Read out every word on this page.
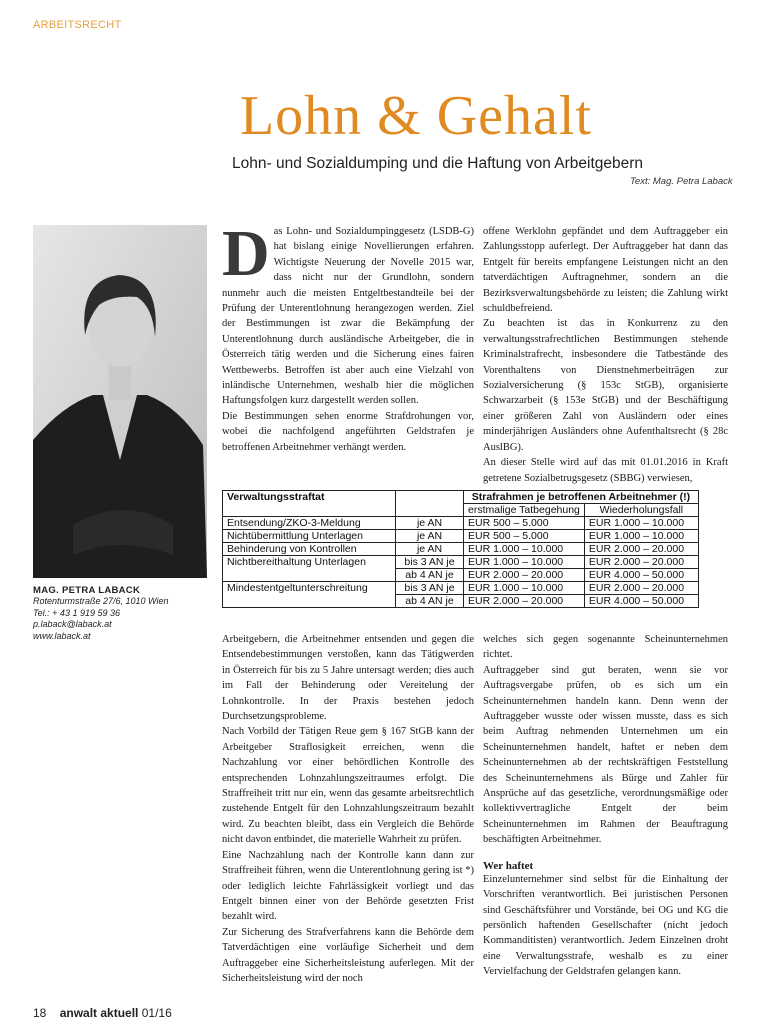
ARBEITSRECHT
Lohn & Gehalt
Lohn- und Sozialdumping und die Haftung von Arbeitgebern
Text: Mag. Petra Laback
MAG. PETRA LABACK
Rotenturmstraße 27/6, 1010 Wien
Tel.: + 43 1 919 59 36
p.laback@laback.at
www.laback.at

Das Lohn- und Sozialdumpinggesetz (LSDB-G) hat bislang einige Novellierungen erfahren. Wichtigste Neuerung der Novelle 2015 war, dass nicht nur der Grundlohn, sondern nunmehr auch die meisten Entgeltbestandteile bei der Prüfung der Unterentlohnung herangezogen werden. Ziel der Bestimmungen ist zwar die Bekämpfung der Unterentlohnung durch ausländische Arbeitgeber, die in Österreich tätig werden und die Sicherung eines fairen Wettbewerbs. Betroffen ist aber auch eine Vielzahl von inländische Unternehmen, weshalb hier die möglichen Haftungsfolgen kurz dargestellt werden sollen.

Die Bestimmungen sehen enorme Strafdrohungen vor, wobei die nachfolgend angeführten Geldstrafen je betroffenen Arbeitnehmer verhängt werden.

offene Werklohn gepfändet und dem Auftraggeber ein Zahlungsstopp auferlegt. Der Auftraggeber hat dann das Entgelt für bereits empfangene Leistungen nicht an den tatverdächtigen Auftragnehmer, sondern an die Bezirksverwaltungsbehörde zu leisten; die Zahlung wirkt schuldbefreiend.

Zu beachten ist das in Konkurrenz zu den verwaltungsstrafrechtlichen Bestimmungen stehende Kriminalstrafrecht, insbesondere die Tatbestände des Vorenthaltens von Dienstnehmerbeiträgen zur Sozialversicherung (§ 153c StGB), organisierte Schwarzarbeit (§ 153e StGB) und der Beschäftigung einer größeren Zahl von Ausländern oder eines minderjährigen Ausländers ohne Aufenthaltsrecht (§ 28c AuslBG).

An dieser Stelle wird auf das mit 01.01.2016 in Kraft getretene Sozialbetrugsgesetz (SBBG) verwiesen,

Verwaltungsstraftat		Strafrahmen je betroffenen Arbeitnehmer (!)	
		erstmalige Tatbegehung	Wiederholungsfall
Entsendung/ZKO-3-Meldung	je AN	EUR 500 – 5.000	EUR 1.000 – 10.000
Nichtübermittlung Unterlagen	je AN	EUR 500 – 5.000	EUR 1.000 – 10.000
Behinderung von Kontrollen	je AN	EUR 1.000 – 10.000	EUR 2.000 – 20.000
Nichtbereithaltung Unterlagen	bis 3 AN je	EUR 1.000 – 10.000	EUR 2.000 – 20.000
	ab 4 AN je	EUR 2.000 – 20.000	EUR 4.000 – 50.000
Mindestentgeltunterschreitung	bis 3 AN je	EUR 1.000 – 10.000	EUR 2.000 – 20.000
	ab 4 AN je	EUR 2.000 – 20.000	EUR 4.000 – 50.000

Arbeitgebern, die Arbeitnehmer entsenden und gegen die Entsendebestimmungen verstoßen, kann das Tätigwerden in Österreich für bis zu 5 Jahre untersagt werden; dies auch im Fall der Behinderung oder Vereitelung der Lohnkontrolle. In der Praxis bestehen jedoch Durchsetzungsprobleme.

Nach Vorbild der Tätigen Reue gem § 167 StGB kann der Arbeitgeber Straflosigkeit erreichen, wenn die Nachzahlung vor einer behördlichen Kontrolle des entsprechenden Lohnzahlungszeitraumes erfolgt. Die Straffreiheit tritt nur ein, wenn das gesamte arbeitsrechtlich zustehende Entgelt für den Lohnzahlungszeitraum bezahlt wird. Zu beachten bleibt, dass ein Vergleich die Behörde nicht davon entbindet, die materielle Wahrheit zu prüfen.

Eine Nachzahlung nach der Kontrolle kann dann zur Straffreiheit führen, wenn die Unterentlohnung gering ist *) oder lediglich leichte Fahrlässigkeit vorliegt und das Entgelt binnen einer von der Behörde gesetzten Frist bezahlt wird.

Zur Sicherung des Strafverfahrens kann die Behörde dem Tatverdächtigen eine vorläufige Sicherheit und dem Auftraggeber eine Sicherheitsleistung auferlegen. Mit der Sicherheitsleistung wird der noch

welches sich gegen sogenannte Scheinunternehmen richtet.

Auftraggeber sind gut beraten, wenn sie vor Auftragsvergabe prüfen, ob es sich um ein Scheinunternehmen handeln kann. Denn wenn der Auftraggeber wusste oder wissen musste, dass es sich beim Auftrag nehmenden Unternehmen um ein Scheinunternehmen handelt, haftet er neben dem Scheinunternehmen ab der rechtskräftigen Feststellung des Scheinunternehmens als Bürge und Zahler für Ansprüche auf das gesetzliche, verordnungsmäßige oder kollektivvertragliche Entgelt der beim Scheinunternehmen im Rahmen der Beauftragung beschäftigten Arbeitnehmer.

Wer haftet

Einzelunternehmer sind selbst für die Einhaltung der Vorschriften verantwortlich. Bei juristischen Personen sind Geschäftsführer und Vorstände, bei OG und KG die persönlich haftenden Gesellschafter (nicht jedoch Kommanditisten) verantwortlich. Jedem Einzelnen droht eine Verwaltungsstrafe, weshalb es zu einer Vervielfachung der Geldstrafen gelangen kann.

18 anwalt aktuell 01/16
